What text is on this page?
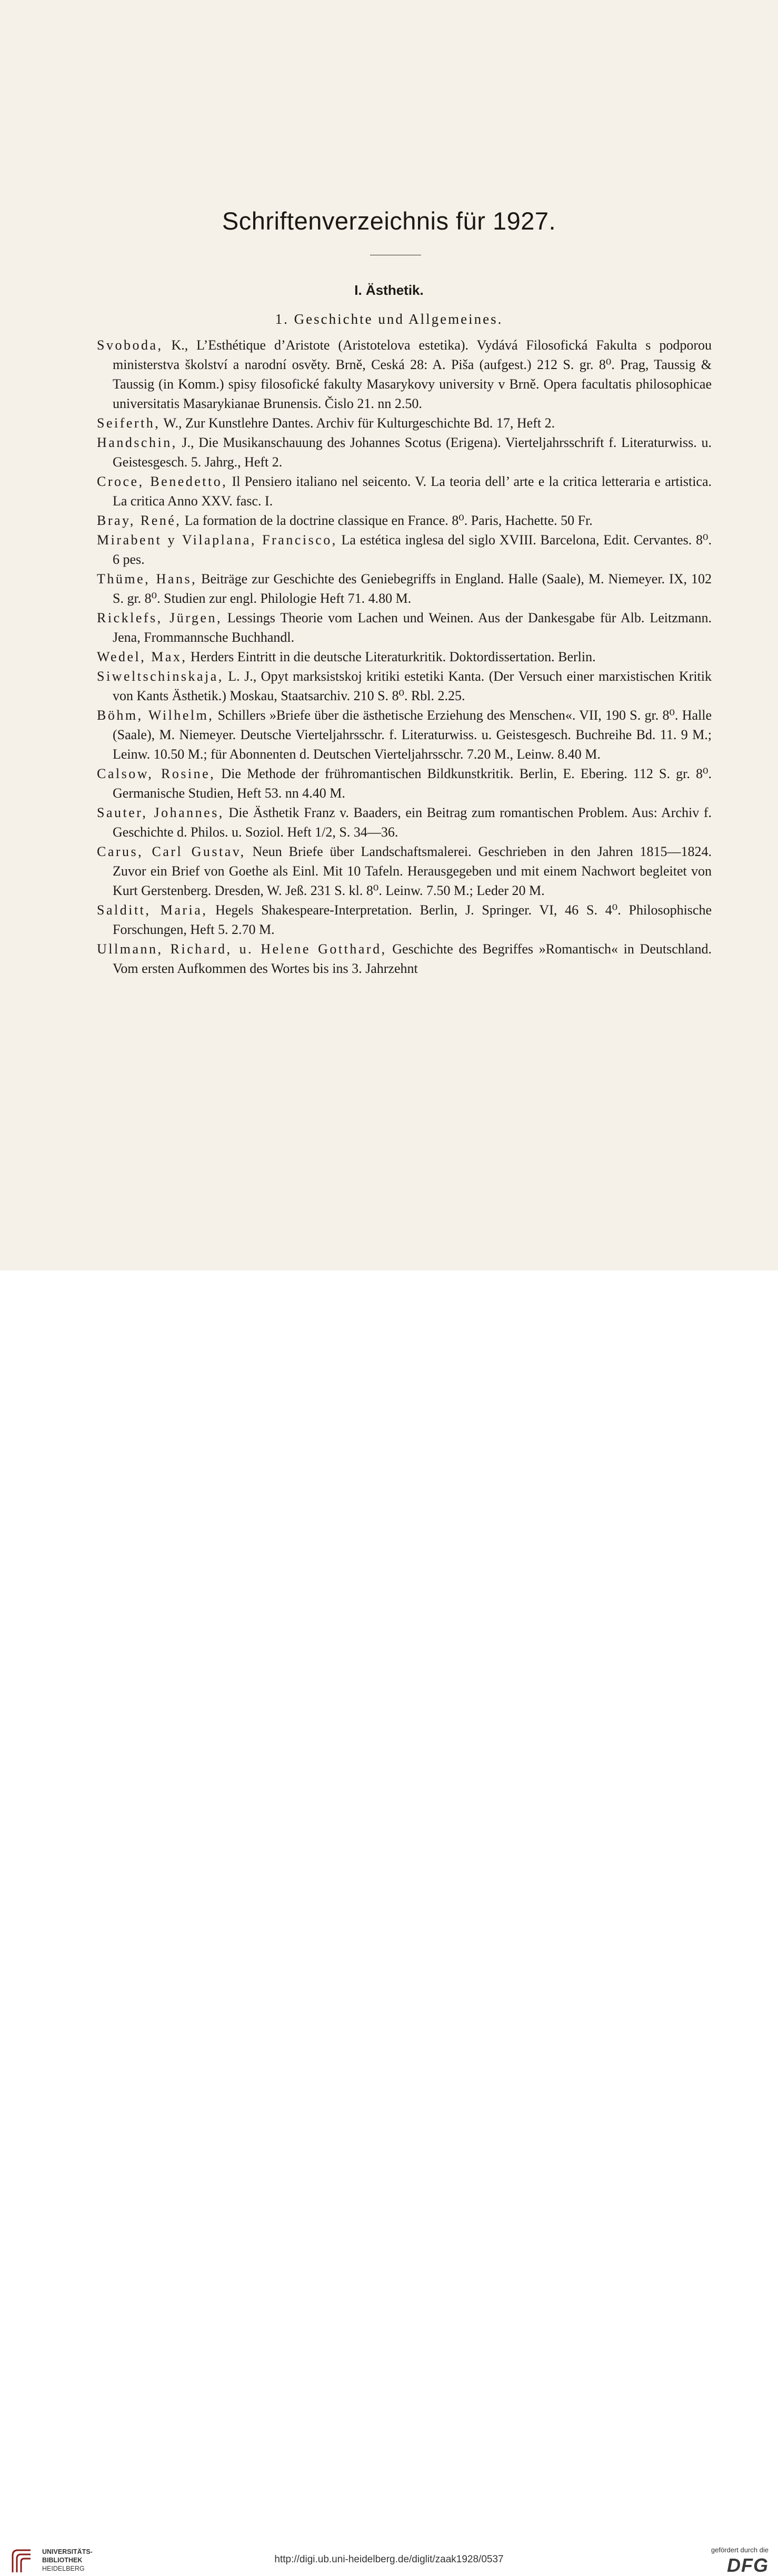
Schriftenverzeichnis für 1927.
I. Ästhetik.
1. Geschichte und Allgemeines.

Svoboda, K., L’Esthétique d’Aristote (Aristotelova estetika). Vydává Filosofická Fakulta s podporou ministerstva školství a narodní osvěty. Brně, Ceská 28: A. Piša (aufgest.) 212 S. gr. 8⁰. Prag, Taussig & Taussig (in Komm.) spisy filosofické fakulty Masarykovy university v Brně. Opera facultatis philosophicae universitatis Masarykianae Brunensis. Čislo 21. nn 2.50.

Seiferth, W., Zur Kunstlehre Dantes. Archiv für Kulturgeschichte Bd. 17, Heft 2.

Handschin, J., Die Musikanschauung des Johannes Scotus (Erigena). Vierteljahrsschrift f. Literaturwiss. u. Geistesgesch. 5. Jahrg., Heft 2.

Croce, Benedetto, Il Pensiero italiano nel seicento. V. La teoria dell’ arte e la critica letteraria e artistica. La critica Anno XXV. fasc. I.

Bray, René, La formation de la doctrine classique en France. 8⁰. Paris, Hachette. 50 Fr.

Mirabent y Vilaplana, Francisco, La estética inglesa del siglo XVIII. Barcelona, Edit. Cervantes. 8⁰. 6 pes.

Thüme, Hans, Beiträge zur Geschichte des Geniebegriffs in England. Halle (Saale), M. Niemeyer. IX, 102 S. gr. 8⁰. Studien zur engl. Philologie Heft 71. 4.80 M.

Ricklefs, Jürgen, Lessings Theorie vom Lachen und Weinen. Aus der Dankesgabe für Alb. Leitzmann. Jena, Frommannsche Buchhandl.

Wedel, Max, Herders Eintritt in die deutsche Literaturkritik. Doktordissertation. Berlin.

Siweltschinskaja, L. J., Opyt marksistskoj kritiki estetiki Kanta. (Der Versuch einer marxistischen Kritik von Kants Ästhetik.) Moskau, Staatsarchiv. 210 S. 8⁰. Rbl. 2.25.

Böhm, Wilhelm, Schillers »Briefe über die ästhetische Erziehung des Menschen«. VII, 190 S. gr. 8⁰. Halle (Saale), M. Niemeyer. Deutsche Vierteljahrsschr. f. Literaturwiss. u. Geistesgesch. Buchreihe Bd. 11. 9 M.; Leinw. 10.50 M.; für Abonnenten d. Deutschen Vierteljahrsschr. 7.20 M., Leinw. 8.40 M.

Calsow, Rosine, Die Methode der frühromantischen Bildkunstkritik. Berlin, E. Ebering. 112 S. gr. 8⁰. Germanische Studien, Heft 53. nn 4.40 M.

Sauter, Johannes, Die Ästhetik Franz v. Baaders, ein Beitrag zum romantischen Problem. Aus: Archiv f. Geschichte d. Philos. u. Soziol. Heft 1/2, S. 34—36.

Carus, Carl Gustav, Neun Briefe über Landschaftsmalerei. Geschrieben in den Jahren 1815—1824. Zuvor ein Brief von Goethe als Einl. Mit 10 Tafeln. Herausgegeben und mit einem Nachwort begleitet von Kurt Gerstenberg. Dresden, W. Jeß. 231 S. kl. 8⁰. Leinw. 7.50 M.; Leder 20 M.

Salditt, Maria, Hegels Shakespeare-Interpretation. Berlin, J. Springer. VI, 46 S. 4⁰. Philosophische Forschungen, Heft 5. 2.70 M.

Ullmann, Richard, u. Helene Gotthard, Geschichte des Begriffes »Romantisch« in Deutschland. Vom ersten Aufkommen des Wortes bis ins 3. Jahrzehnt

UNIVERSITÄTS-
BIBLIOTHEK
HEIDELBERG
http://digi.ub.uni-heidelberg.de/diglit/zaak1928/0537
gefördert durch die
DFG
